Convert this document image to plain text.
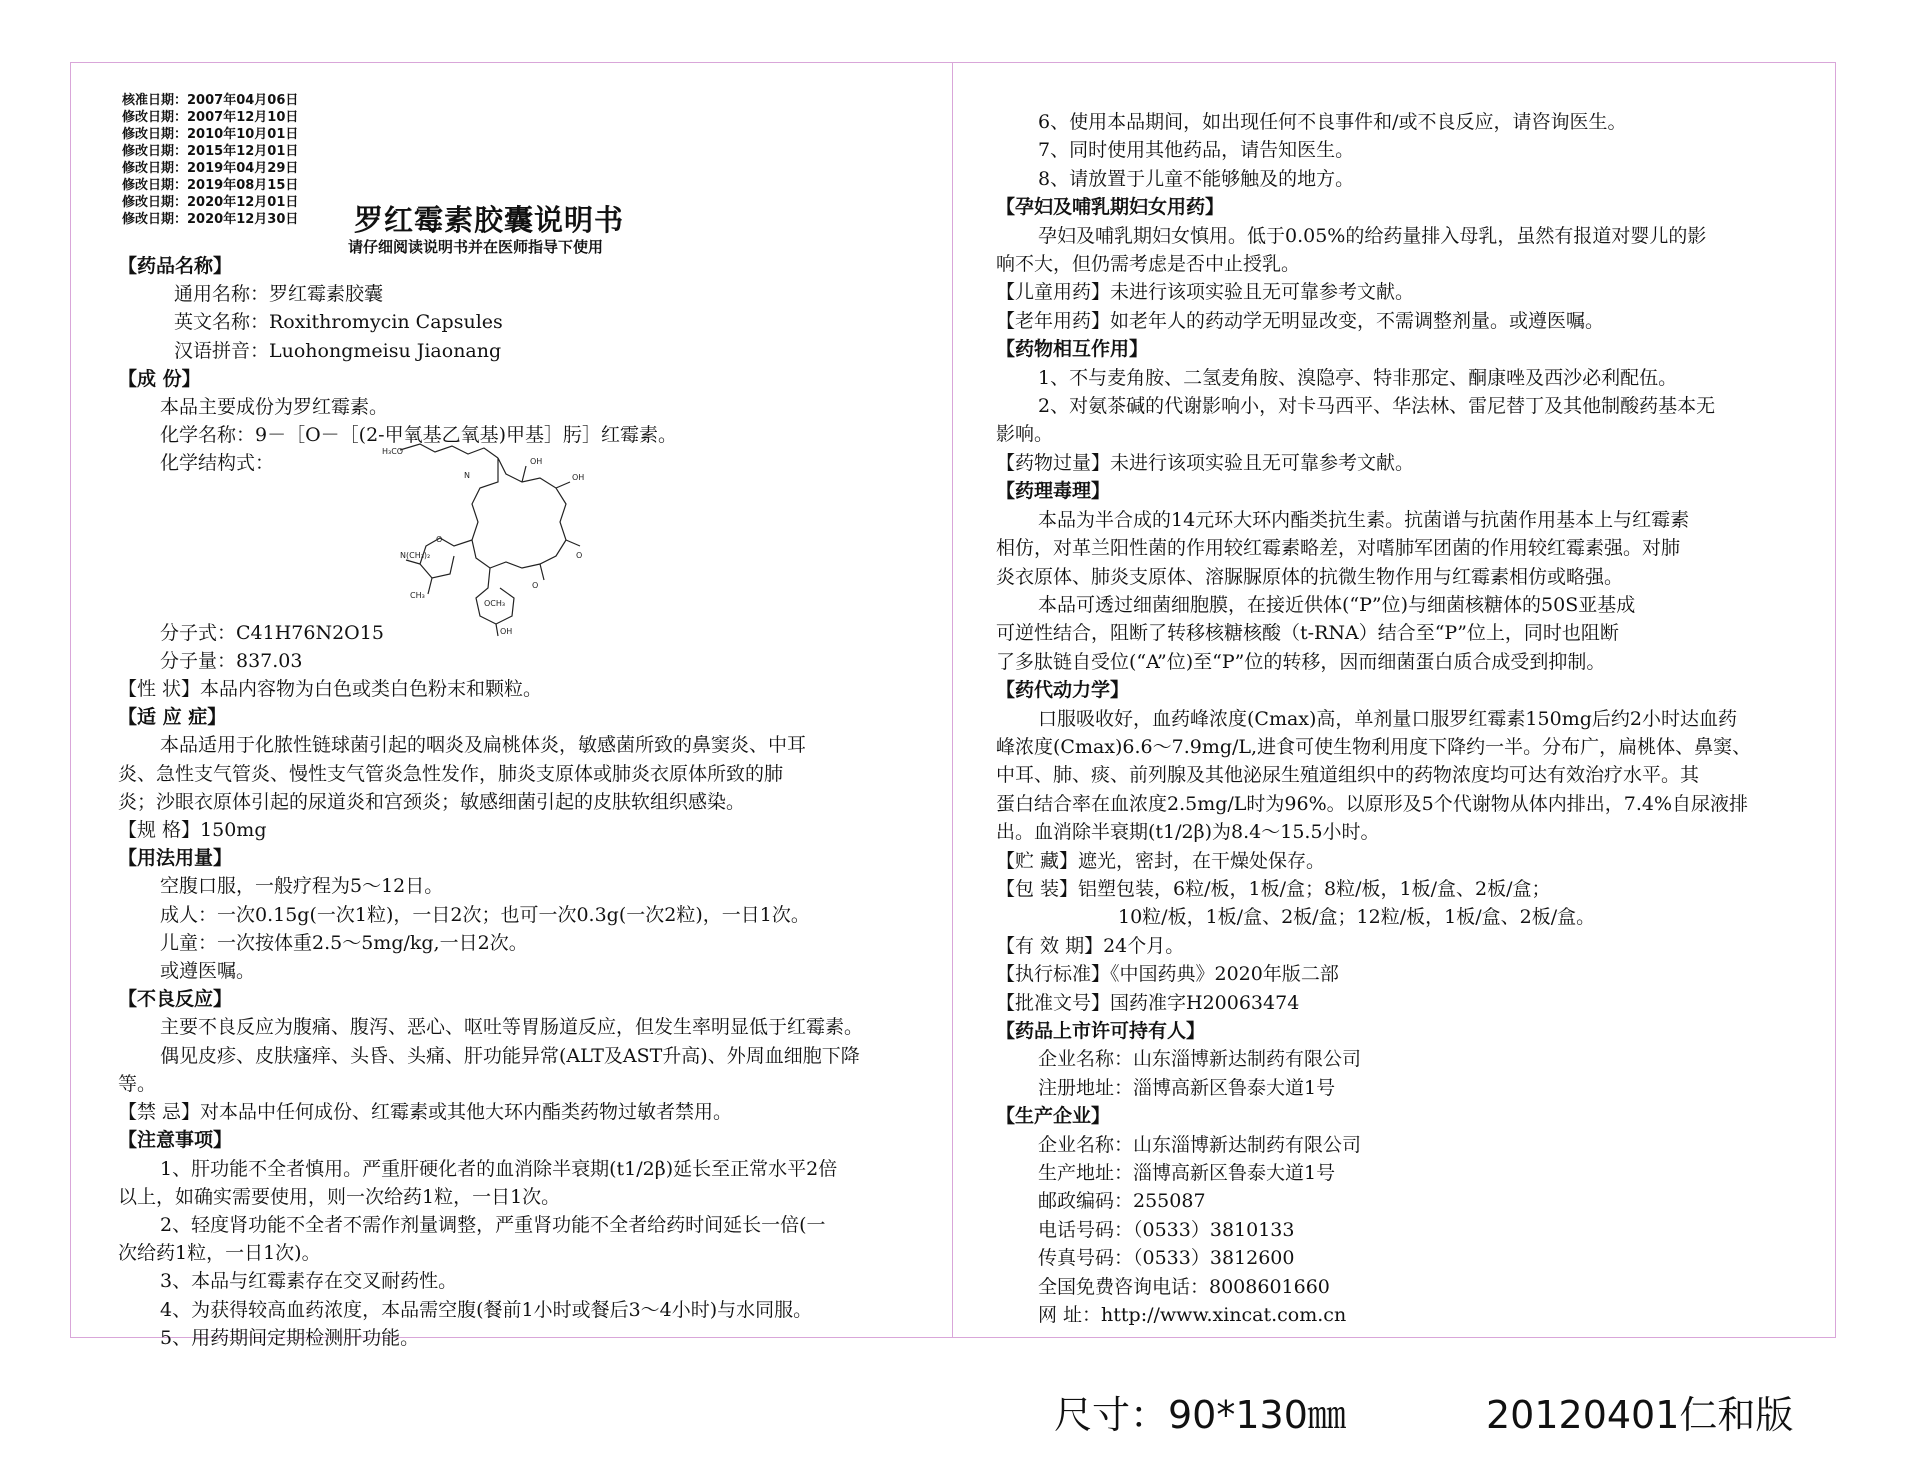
核准日期：2007年04月06日
修改日期：2007年12月10日
修改日期：2010年10月01日
修改日期：2015年12月01日
修改日期：2019年04月29日
修改日期：2019年08月15日
修改日期：2020年12月01日
修改日期：2020年12月30日 罗红霉素胶囊说明书
请仔细阅读说明书并在医师指导下使用
【药品名称】
通用名称：罗红霉素胶囊
英文名称：Roxithromycin Capsules
汉语拼音：Luohongmeisu Jiaonang
【成 份】
本品主要成份为罗红霉素。
化学名称：9－［O－［(2-甲氧基乙氧基)甲基］肟］红霉素。
化学结构式：

分子式：C41H76N2O15
分子量：837.03
【性 状】本品内容物为白色或类白色粉末和颗粒。
【适 应 症】
本品适用于化脓性链球菌引起的咽炎及扁桃体炎，敏感菌所致的鼻窦炎、中耳
炎、急性支气管炎、慢性支气管炎急性发作，肺炎支原体或肺炎衣原体所致的肺
炎；沙眼衣原体引起的尿道炎和宫颈炎；敏感细菌引起的皮肤软组织感染。
【规 格】150mg
【用法用量】
空腹口服，一般疗程为5～12日。
成人：一次0.15g(一次1粒)，一日2次；也可一次0.3g(一次2粒)，一日1次。
儿童：一次按体重2.5～5mg/kg,一日2次。
或遵医嘱。
【不良反应】
主要不良反应为腹痛、腹泻、恶心、呕吐等胃肠道反应，但发生率明显低于红霉素。
偶见皮疹、皮肤瘙痒、头昏、头痛、肝功能异常(ALT及AST升高)、外周血细胞下降
等。
【禁 忌】对本品中任何成份、红霉素或其他大环内酯类药物过敏者禁用。
【注意事项】
1、肝功能不全者慎用。严重肝硬化者的血消除半衰期(t1/2β)延长至正常水平2倍
以上，如确实需要使用，则一次给药1粒，一日1次。
2、轻度肾功能不全者不需作剂量调整，严重肾功能不全者给药时间延长一倍(一
次给药1粒，一日1次)。
3、本品与红霉素存在交叉耐药性。
4、为获得较高血药浓度，本品需空腹(餐前1小时或餐后3～4小时)与水同服。
5、用药期间定期检测肝功能。
H₃CO
N
OH
OH
O
O
O
N(CH₃)₂
OCH₃
OH
CH₃
6、使用本品期间，如出现任何不良事件和/或不良反应，请咨询医生。
7、同时使用其他药品，请告知医生。
8、请放置于儿童不能够触及的地方。
【孕妇及哺乳期妇女用药】
孕妇及哺乳期妇女慎用。低于0.05%的给药量排入母乳，虽然有报道对婴儿的影
响不大，但仍需考虑是否中止授乳。
【儿童用药】未进行该项实验且无可靠参考文献。
【老年用药】如老年人的药动学无明显改变，不需调整剂量。或遵医嘱。
【药物相互作用】
1、不与麦角胺、二氢麦角胺、溴隐亭、特非那定、酮康唑及西沙必利配伍。
2、对氨茶碱的代谢影响小，对卡马西平、华法林、雷尼替丁及其他制酸药基本无
影响。
【药物过量】未进行该项实验且无可靠参考文献。
【药理毒理】
本品为半合成的14元环大环内酯类抗生素。抗菌谱与抗菌作用基本上与红霉素
相仿，对革兰阳性菌的作用较红霉素略差，对嗜肺军团菌的作用较红霉素强。对肺
炎衣原体、肺炎支原体、溶脲脲原体的抗微生物作用与红霉素相仿或略强。
本品可透过细菌细胞膜，在接近供体(“P”位)与细菌核糖体的50S亚基成
可逆性结合，阻断了转移核糖核酸（t-RNA）结合至“P”位上，同时也阻断
了多肽链自受位(“A”位)至“P”位的转移，因而细菌蛋白质合成受到抑制。
【药代动力学】
口服吸收好，血药峰浓度(Cmax)高，单剂量口服罗红霉素150mg后约2小时达血药
峰浓度(Cmax)6.6～7.9mg/L,进食可使生物利用度下降约一半。分布广，扁桃体、鼻窦、
中耳、肺、痰、前列腺及其他泌尿生殖道组织中的药物浓度均可达有效治疗水平。其
蛋白结合率在血浓度2.5mg/L时为96%。以原形及5个代谢物从体内排出，7.4%自尿液排
出。血消除半衰期(t1/2β)为8.4～15.5小时。
【贮 藏】遮光，密封，在干燥处保存。
【包 装】铝塑包装，6粒/板，1板/盒；8粒/板，1板/盒、2板/盒；
10粒/板，1板/盒、2板/盒；12粒/板，1板/盒、2板/盒。
【有 效 期】24个月。
【执行标准】《中国药典》2020年版二部
【批准文号】国药准字H20063474
【药品上市许可持有人】
企业名称：山东淄博新达制药有限公司
注册地址：淄博高新区鲁泰大道1号
【生产企业】
企业名称：山东淄博新达制药有限公司
生产地址：淄博高新区鲁泰大道1号
邮政编码：255087
电话号码：（0533）3810133
传真号码：（0533）3812600
全国免费咨询电话：8008601660
网 址：http://www.xincat.com.cn
尺寸：90*130㎜	20120401仁和版
